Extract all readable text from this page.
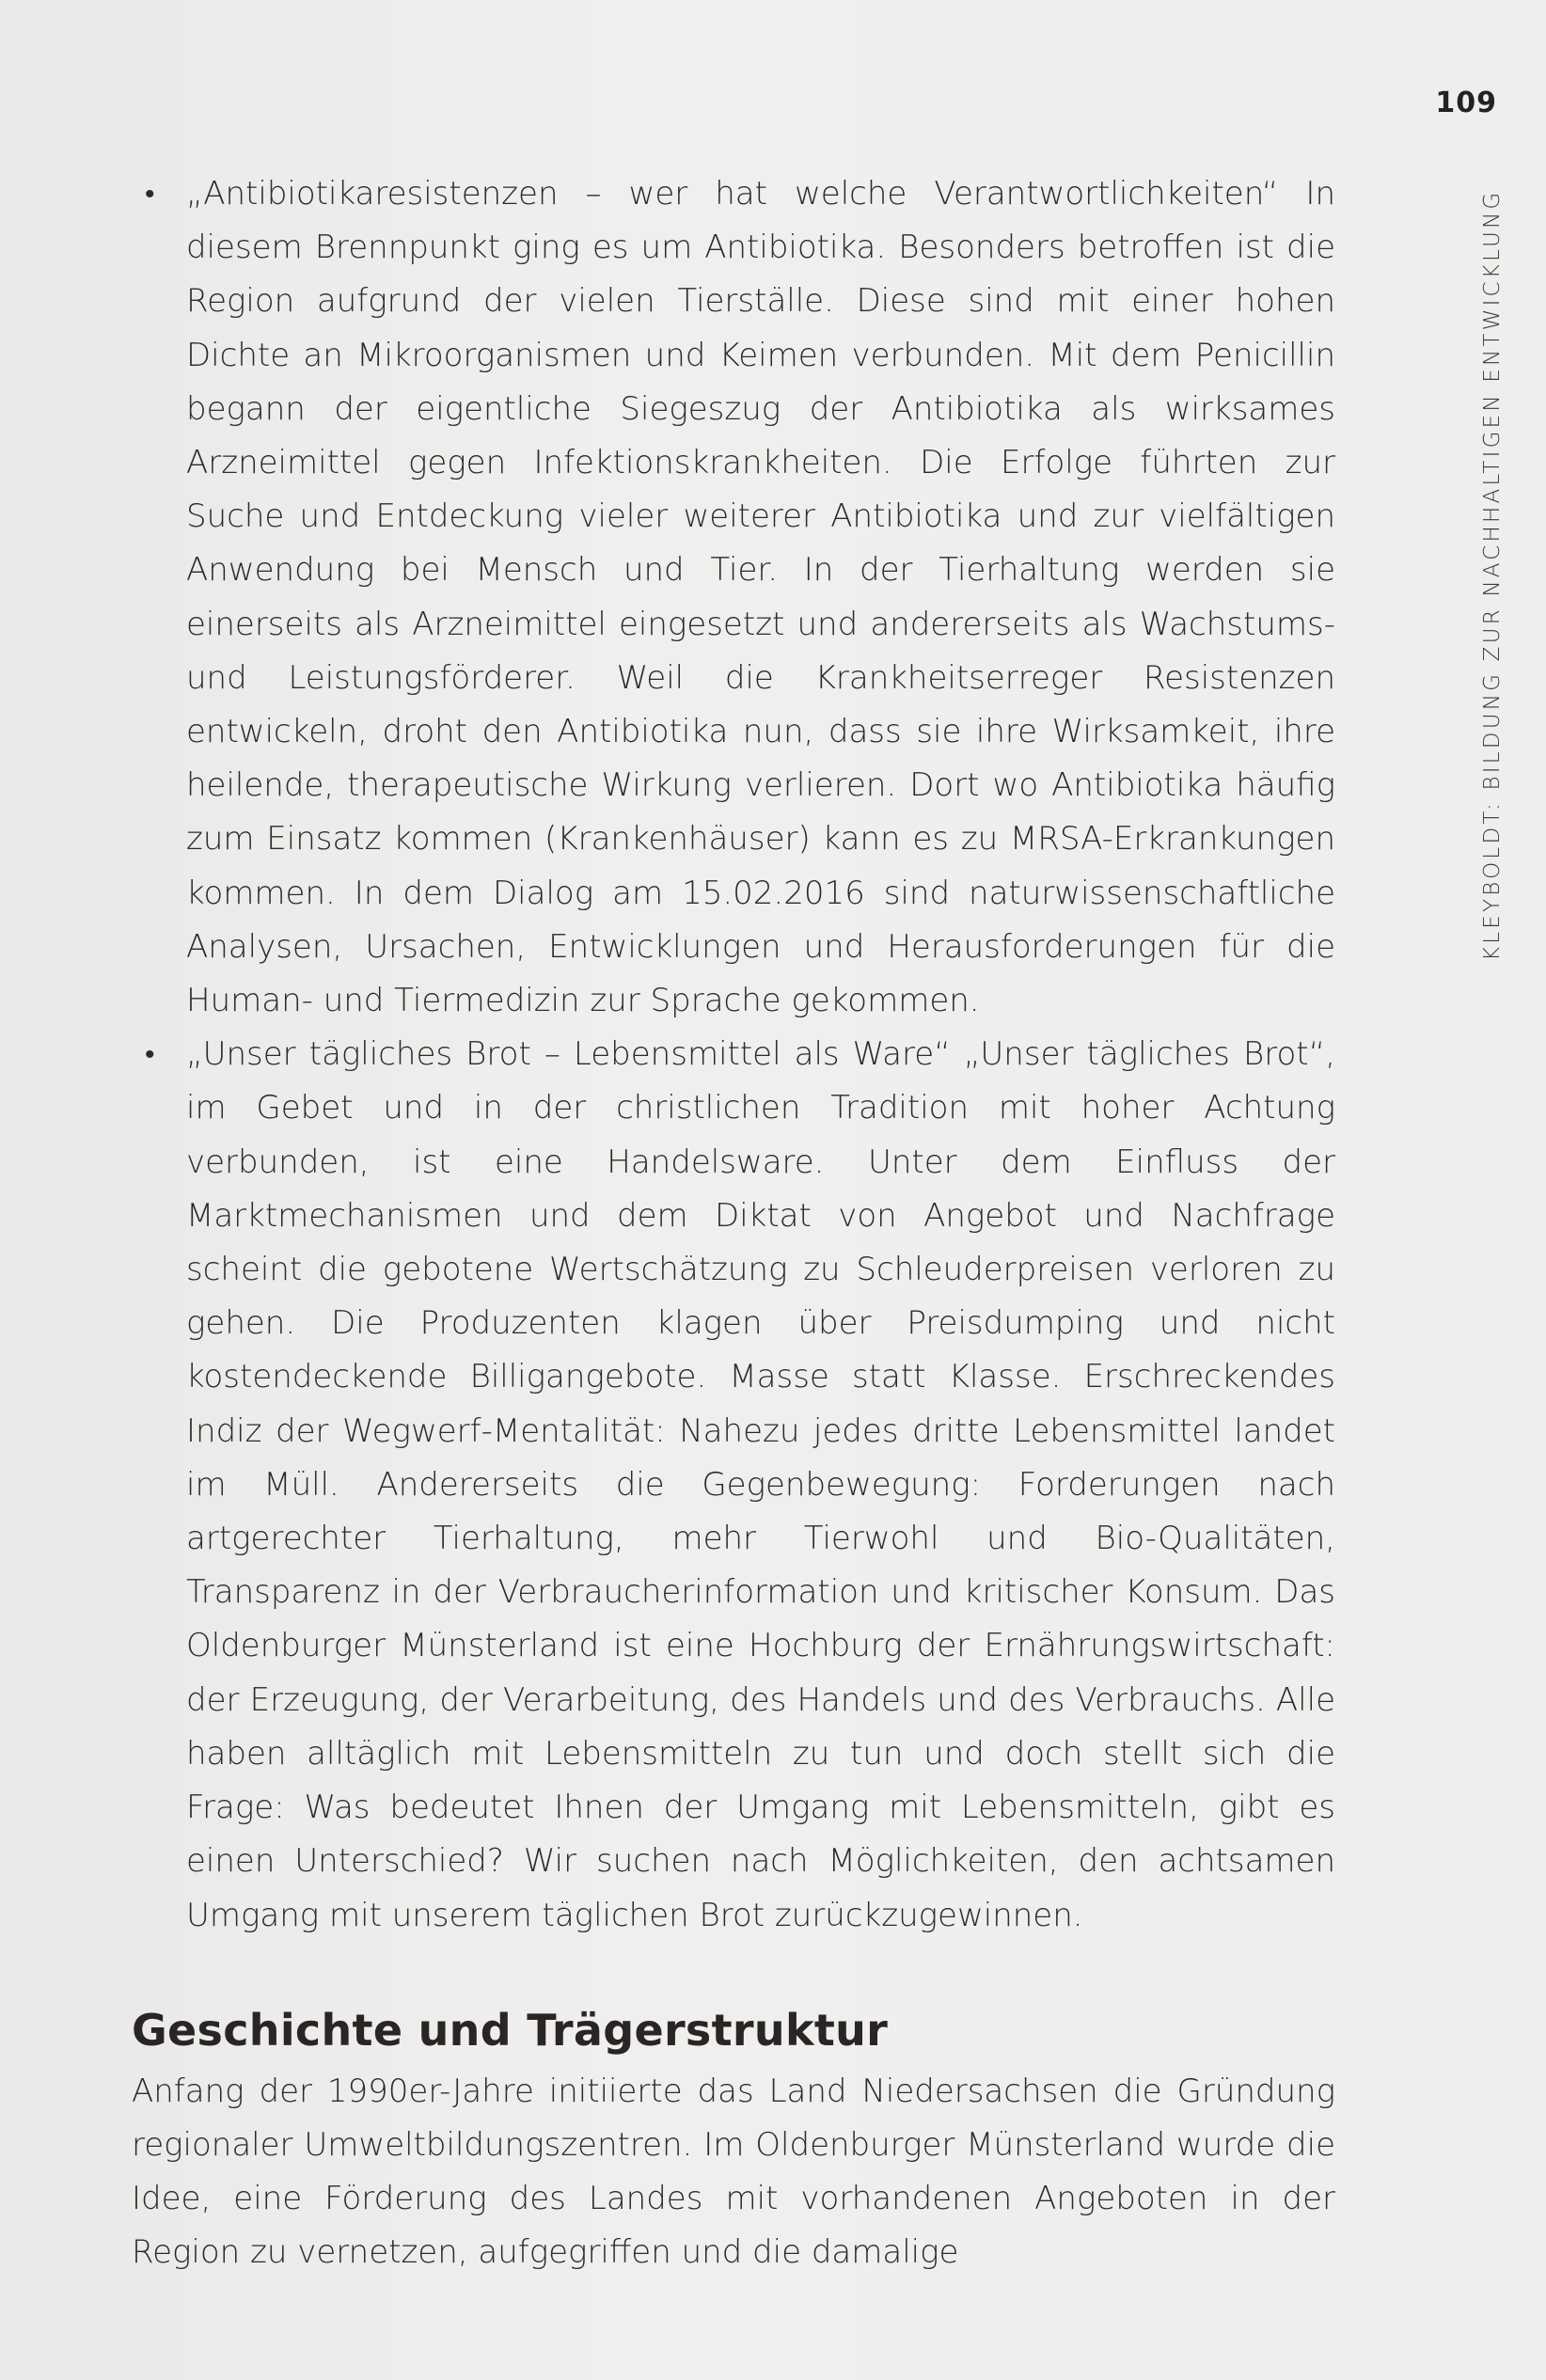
109
KLEYBOLDT: BILDUNG ZUR NACHHALTIGEN ENTWICKLUNG
• „Antibiotikaresistenzen – wer hat welche Verantwortlichkeiten“ In diesem Brennpunkt ging es um Antibiotika. Besonders betroffen ist die Region aufgrund der vielen Tierställe. Diese sind mit einer hohen Dichte an Mikroorganismen und Keimen verbunden. Mit dem Penicillin begann der eigentliche Siegeszug der Antibiotika als wirksames Arzneimittel gegen Infektionskrankheiten. Die Erfolge führten zur Suche und Entdeckung vieler weiterer Antibiotika und zur vielfältigen Anwendung bei Mensch und Tier. In der Tierhaltung werden sie einerseits als Arzneimittel eingesetzt und andererseits als Wachstums- und Leistungsförderer. Weil die Krankheitserreger Resistenzen entwickeln, droht den Antibiotika nun, dass sie ihre Wirksamkeit, ihre heilende, therapeutische Wirkung verlieren. Dort wo Antibiotika häufig zum Einsatz kommen (Krankenhäuser) kann es zu MRSA-Erkrankungen kommen. In dem Dialog am 15.02.2016 sind naturwissenschaftliche Analysen, Ursachen, Entwicklungen und Herausforderungen für die Human- und Tiermedizin zur Sprache gekommen.
• „Unser tägliches Brot – Lebensmittel als Ware“ „Unser tägliches Brot“, im Gebet und in der christlichen Tradition mit hoher Achtung verbunden, ist eine Handelsware. Unter dem Einfluss der Marktmechanismen und dem Diktat von Angebot und Nachfrage scheint die gebotene Wertschätzung zu Schleuderpreisen verloren zu gehen. Die Produzenten klagen über Preisdumping und nicht kostendeckende Billigangebote. Masse statt Klasse. Erschreckendes Indiz der Wegwerf-Mentalität: Nahezu jedes dritte Lebensmittel landet im Müll. Andererseits die Gegenbewegung: Forderungen nach artgerechter Tierhaltung, mehr Tierwohl und Bio-Qualitäten, Transparenz in der Verbraucherinformation und kritischer Konsum. Das Oldenburger Münsterland ist eine Hochburg der Ernährungswirtschaft: der Erzeugung, der Verarbeitung, des Handels und des Verbrauchs. Alle haben alltäglich mit Lebensmitteln zu tun und doch stellt sich die Frage: Was bedeutet Ihnen der Umgang mit Lebensmitteln, gibt es einen Unterschied? Wir suchen nach Möglichkeiten, den achtsamen Umgang mit unserem täglichen Brot zurückzugewinnen.
Geschichte und Trägerstruktur

Anfang der 1990er-Jahre initiierte das Land Niedersachsen die Gründung regionaler Umweltbildungszentren. Im Oldenburger Münsterland wurde die Idee, eine Förderung des Landes mit vorhandenen Angeboten in der Region zu vernetzen, aufgegriffen und die damalige
